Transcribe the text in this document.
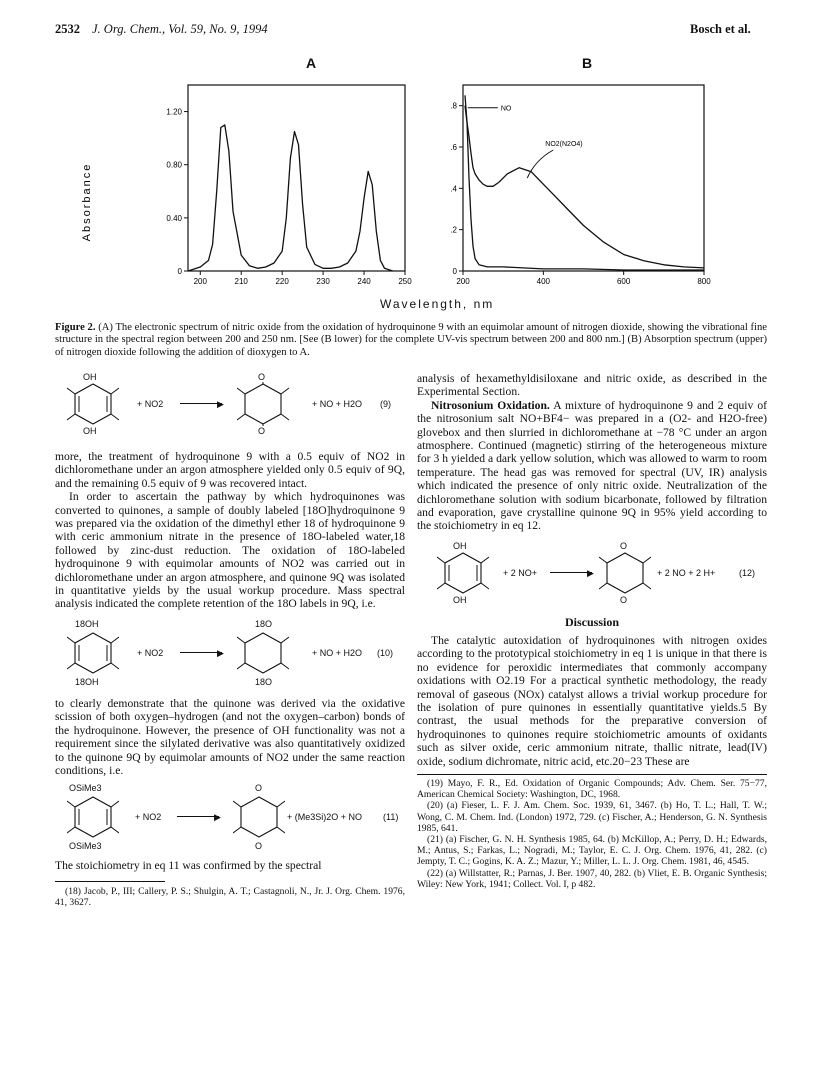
2532 J. Org. Chem., Vol. 59, No. 9, 1994	Bosch et al.
A	B
Absorbance
200	210	220	230	240	250
1.20
0.80
0.40
0
200	400	600	800
.8
.6
.4
.2
0
NO
NO2(N2O4)
Wavelength, nm
Figure 2. (A) The electronic spectrum of nitric oxide from the oxidation of hydroquinone 9 with an equimolar amount of nitrogen dioxide, showing the vibrational fine structure in the spectral region between 200 and 250 nm. [See (B lower) for the complete UV-vis spectrum between 200 and 800 nm.] (B) Absorption spectrum (upper) of nitrogen dioxide following the addition of dioxygen to A.
OH
OH
+ NO2	▶
O
O
+ NO + H2O (9)

more, the treatment of hydroquinone 9 with a 0.5 equiv of NO2 in dichloromethane under an argon atmosphere yielded only 0.5 equiv of 9Q, and the remaining 0.5 equiv of 9 was recovered intact.

In order to ascertain the pathway by which hydroquinones was converted to quinones, a sample of doubly labeled [18O]hydroquinone 9 was prepared via the oxidation of the dimethyl ether 18 of hydroquinone 9 with ceric ammonium nitrate in the presence of 18O-labeled water,18 followed by zinc-dust reduction. The oxidation of 18O-labeled hydroquinone 9 with equimolar amounts of NO2 was carried out in dichloromethane under an argon atmosphere, and quinone 9Q was isolated in quantitative yields by the usual workup procedure. Mass spectral analysis indicated the complete retention of the 18O labels in 9Q, i.e.

18OH
18OH
+ NO2	▶
18O
18O
+ NO + H2O (10)

to clearly demonstrate that the quinone was derived via the oxidative scission of both oxygen–hydrogen (and not the oxygen–carbon) bonds of the hydroquinone. However, the presence of OH functionality was not a requirement since the silylated derivative was also quantitatively oxidized to the quinone 9Q by equimolar amounts of NO2 under the same reaction conditions, i.e.

OSiMe3
OSiMe3
+ NO2	▶
O
O
+ (Me3Si)2O + NO (11)

The stoichiometry in eq 11 was confirmed by the spectral

(18) Jacob, P., III; Callery, P. S.; Shulgin, A. T.; Castagnoli, N., Jr. J. Org. Chem. 1976, 41, 3627.

analysis of hexamethyldisiloxane and nitric oxide, as described in the Experimental Section.

Nitrosonium Oxidation. A mixture of hydroquinone 9 and 2 equiv of the nitrosonium salt NO+BF4− was prepared in a (O2- and H2O-free) glovebox and then slurried in dichloromethane at −78 °C under an argon atmosphere. Continued (magnetic) stirring of the heterogeneous mixture for 3 h yielded a dark yellow solution, which was allowed to warm to room temperature. The head gas was removed for spectral (UV, IR) analysis which indicated the presence of only nitric oxide. Neutralization of the dichloromethane solution with sodium bicarbonate, followed by filtration and evaporation, gave crystalline quinone 9Q in 95% yield according to the stoichiometry in eq 12.

OH
OH
+ 2 NO+	▶
O
O
+ 2 NO + 2 H+	(12)
Discussion

The catalytic autoxidation of hydroquinones with nitrogen oxides according to the prototypical stoichiometry in eq 1 is unique in that there is no evidence for peroxidic intermediates that commonly accompany oxidations with O2.19 For a practical synthetic methodology, the ready removal of gaseous (NOx) catalyst allows a trivial workup procedure for the isolation of pure quinones in essentially quantitative yields.5 By contrast, the usual methods for the preparative conversion of hydroquinones to quinones require stoichiometric amounts of oxidants such as silver oxide, ceric ammonium nitrate, thallic nitrate, lead(IV) oxide, sodium dichromate, nitric acid, etc.20−23 These are

(19) Mayo, F. R., Ed. Oxidation of Organic Compounds; Adv. Chem. Ser. 75−77, American Chemical Society: Washington, DC, 1968.

(20) (a) Fieser, L. F. J. Am. Chem. Soc. 1939, 61, 3467. (b) Ho, T. L.; Hall, T. W.; Wong, C. M. Chem. Ind. (London) 1972, 729. (c) Fischer, A.; Henderson, G. N. Synthesis 1985, 641.

(21) (a) Fischer, G. N. H. Synthesis 1985, 64. (b) McKillop, A.; Perry, D. H.; Edwards, M.; Antus, S.; Farkas, L.; Nogradi, M.; Taylor, E. C. J. Org. Chem. 1976, 41, 282. (c) Jempty, T. C.; Gogins, K. A. Z.; Mazur, Y.; Miller, L. L. J. Org. Chem. 1981, 46, 4545.

(22) (a) Willstatter, R.; Parnas, J. Ber. 1907, 40, 282. (b) Vliet, E. B. Organic Synthesis; Wiley: New York, 1941; Collect. Vol. I, p 482.
